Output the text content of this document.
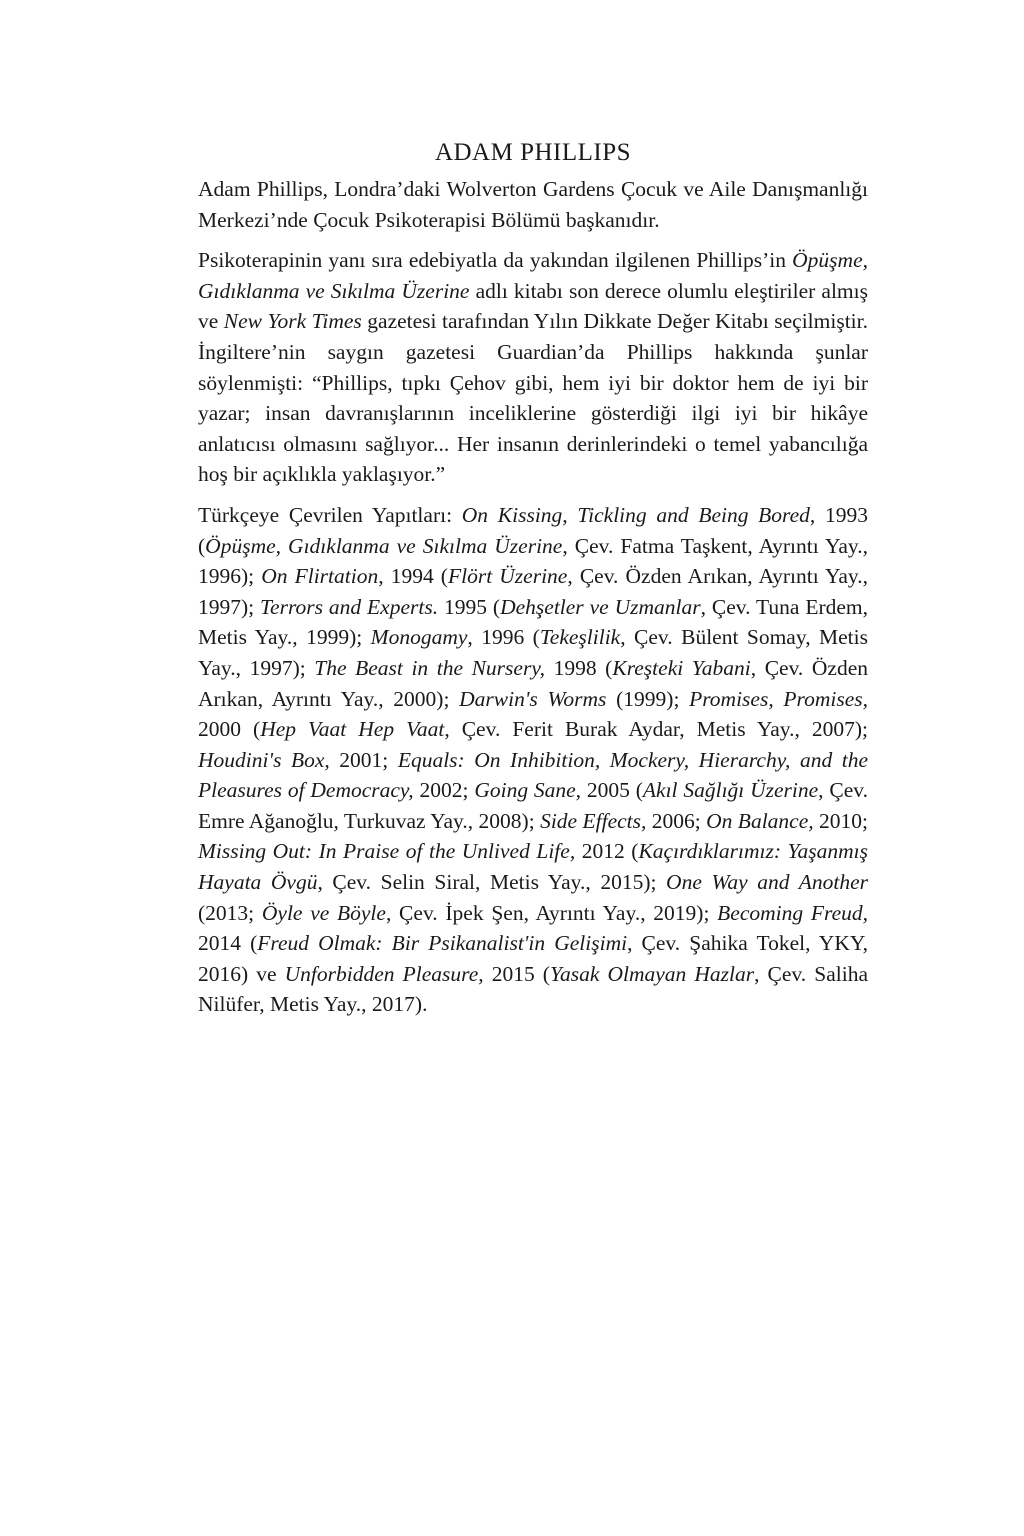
ADAM PHILLIPS

Adam Phillips, Londra’daki Wolverton Gardens Çocuk ve Aile Danışmanlığı Merkezi’nde Çocuk Psikoterapisi Bölümü başkanıdır.

Psikoterapinin yanı sıra edebiyatla da yakından ilgilenen Phillips’in Öpüşme, Gıdıklanma ve Sıkılma Üzerine adlı kitabı son derece olumlu eleştiriler almış ve New York Times gazetesi tarafından Yılın Dikkate Değer Kitabı seçilmiştir. İngiltere’nin saygın gazetesi Guardian’da Phillips hakkında şunlar söylenmişti: “Phillips, tıpkı Çehov gibi, hem iyi bir doktor hem de iyi bir yazar; insan davranışlarının inceliklerine gösterdiği ilgi iyi bir hikâye anlatıcısı olmasını sağlıyor... Her insanın derinlerindeki o temel yabancılığa hoş bir açıklıkla yaklaşıyor.”

Türkçeye Çevrilen Yapıtları: On Kissing, Tickling and Being Bored, 1993 (Öpüşme, Gıdıklanma ve Sıkılma Üzerine, Çev. Fatma Taşkent, Ayrıntı Yay., 1996); On Flirtation, 1994 (Flört Üzerine, Çev. Özden Arıkan, Ayrıntı Yay., 1997); Terrors and Experts. 1995 (Dehşetler ve Uzmanlar, Çev. Tuna Erdem, Metis Yay., 1999); Monogamy, 1996 (Tekeşlilik, Çev. Bülent Somay, Metis Yay., 1997); The Beast in the Nursery, 1998 (Kreşteki Yabani, Çev. Özden Arıkan, Ayrıntı Yay., 2000); Darwin's Worms (1999); Promises, Promises, 2000 (Hep Vaat Hep Vaat, Çev. Ferit Burak Aydar, Metis Yay., 2007); Houdini's Box, 2001; Equals: On Inhibition, Mockery, Hierarchy, and the Pleasures of Democracy, 2002; Going Sane, 2005 (Akıl Sağlığı Üzerine, Çev. Emre Ağanoğlu, Turkuvaz Yay., 2008); Side Effects, 2006; On Balance, 2010; Missing Out: In Praise of the Unlived Life, 2012 (Kaçırdıklarımız: Yaşanmış Hayata Övgü, Çev. Selin Siral, Metis Yay., 2015); One Way and Another (2013; Öyle ve Böyle, Çev. İpek Şen, Ayrıntı Yay., 2019); Becoming Freud, 2014 (Freud Olmak: Bir Psikanalist'in Gelişimi, Çev. Şahika Tokel, YKY, 2016) ve Unforbidden Pleasure, 2015 (Yasak Olmayan Hazlar, Çev. Saliha Nilüfer, Metis Yay., 2017).
